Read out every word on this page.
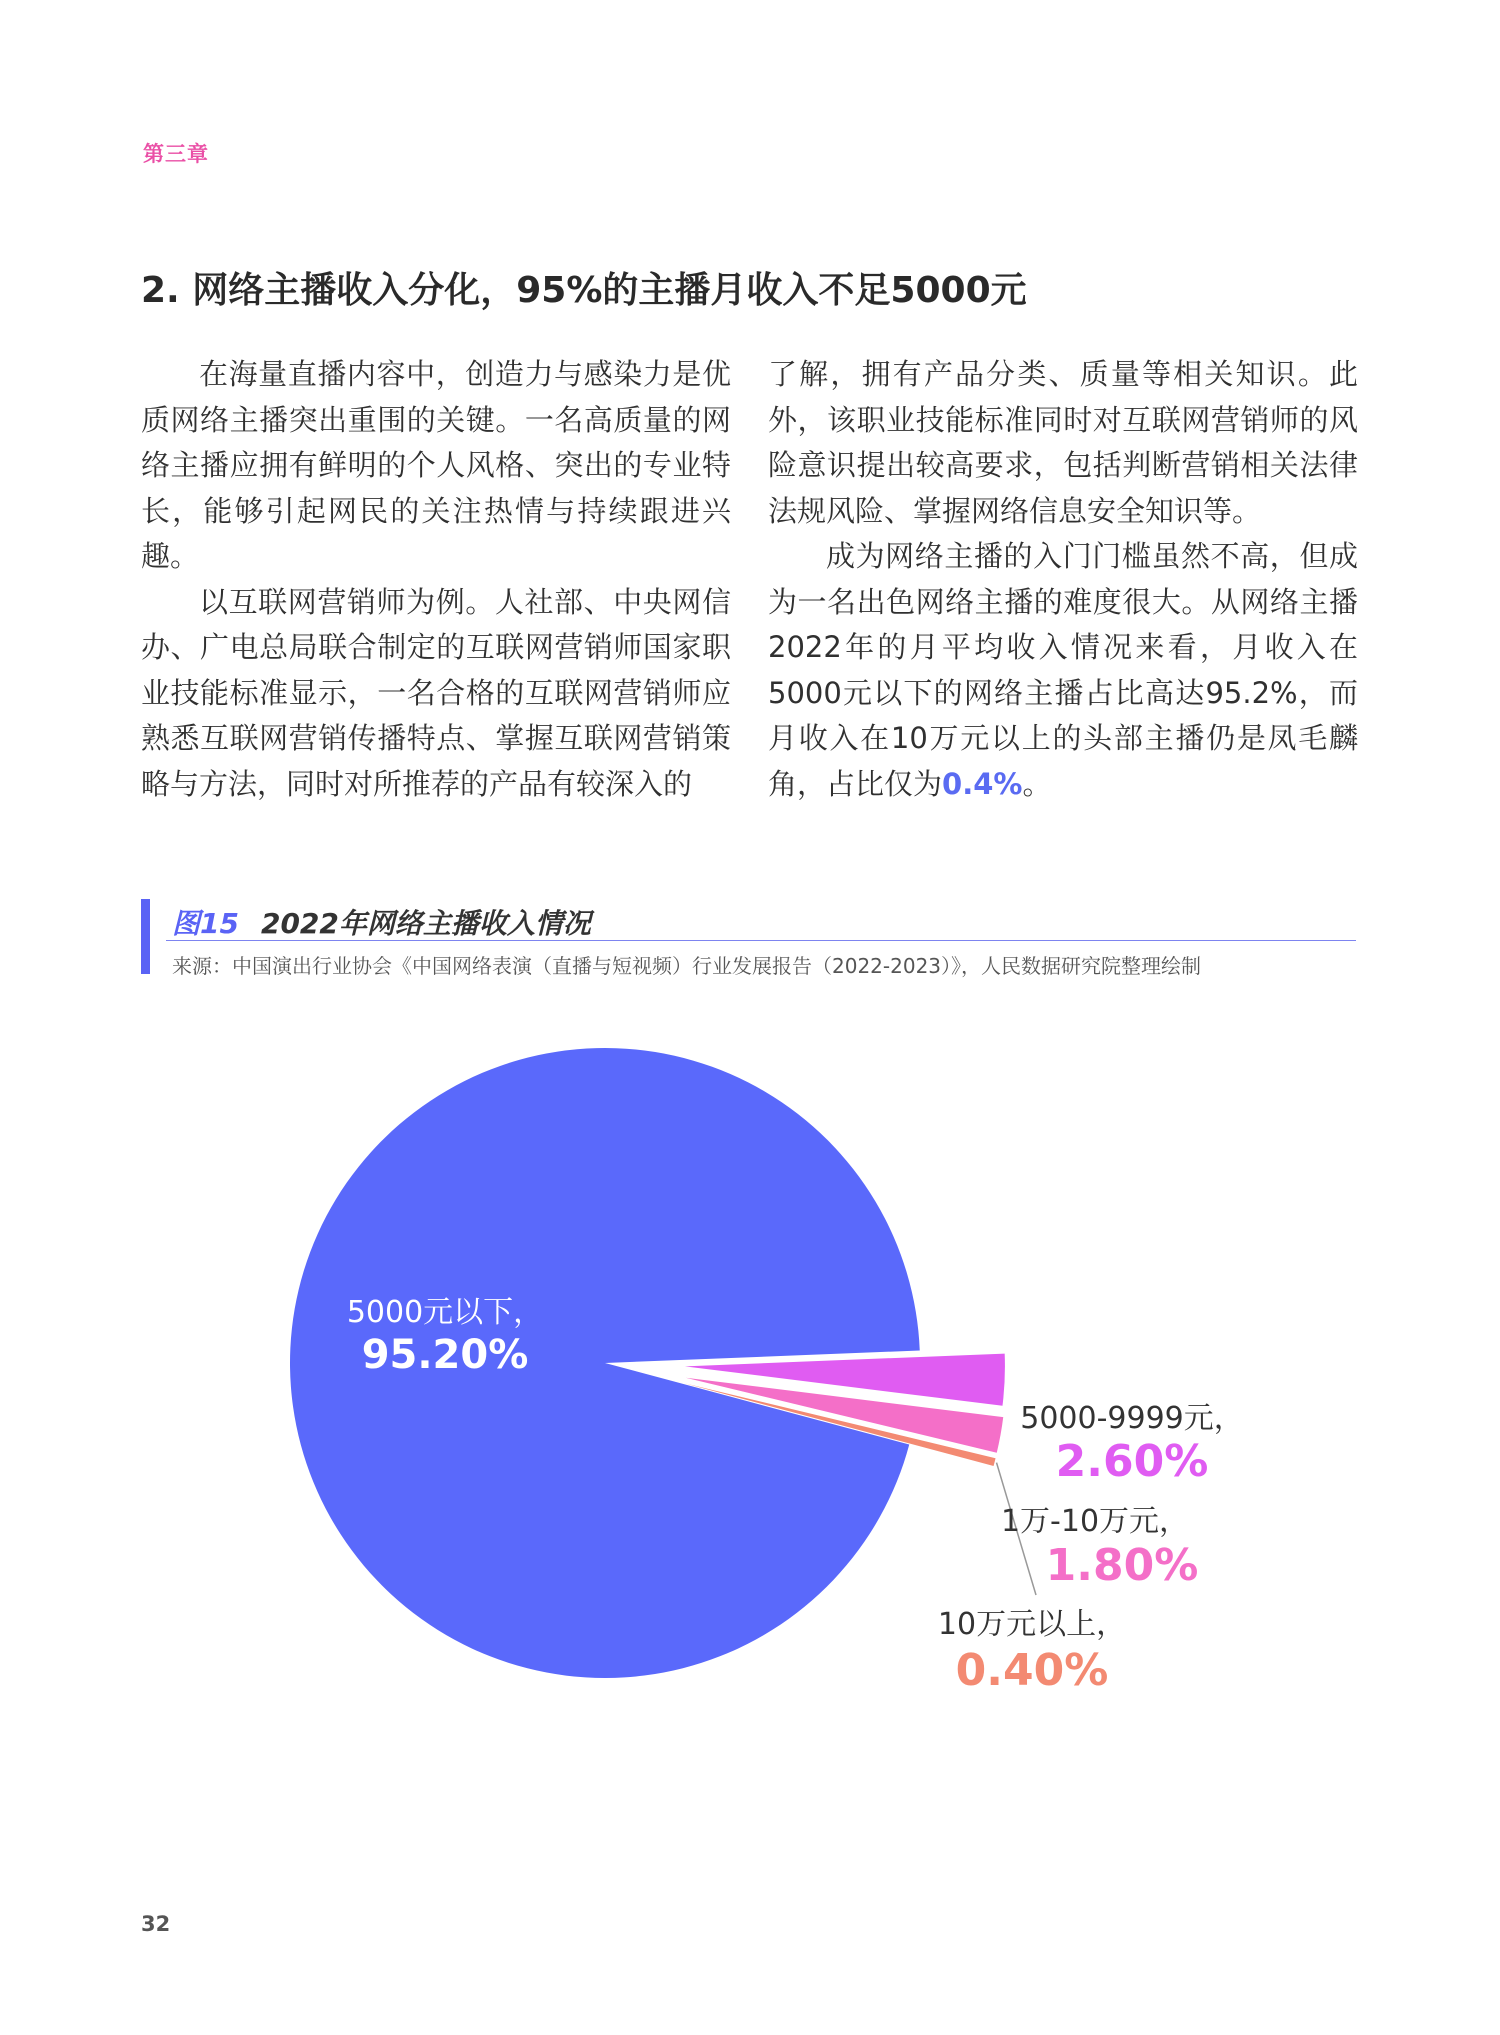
第三章
2. 网络主播收入分化，95%的主播月收入不足5000元

在海量直播内容中，创造力与感染力是优质网络主播突出重围的关键。一名高质量的网络主播应拥有鲜明的个人风格、突出的专业特长，能够引起网民的关注热情与持续跟进兴趣。

以互联网营销师为例。人社部、中央网信办、广电总局联合制定的互联网营销师国家职业技能标准显示，一名合格的互联网营销师应熟悉互联网营销传播特点、掌握互联网营销策略与方法，同时对所推荐的产品有较深入的

了解，拥有产品分类、质量等相关知识。此外，该职业技能标准同时对互联网营销师的风险意识提出较高要求，包括判断营销相关法律法规风险、掌握网络信息安全知识等。

成为网络主播的入门门槛虽然不高，但成为一名出色网络主播的难度很大。从网络主播2022年的月平均收入情况来看，月收入在5000元以下的网络主播占比高达95.2%，而月收入在10万元以上的头部主播仍是凤毛麟角，占比仅为0.4%。

图15 2022年网络主播收入情况
来源：中国演出行业协会《中国网络表演（直播与短视频）行业发展报告（2022-2023）》，人民数据研究院整理绘制
5000元以下，
95.20%
5000-9999元，
2.60%
1万-10万元，
1.80%
10万元以上，
0.40%
32
